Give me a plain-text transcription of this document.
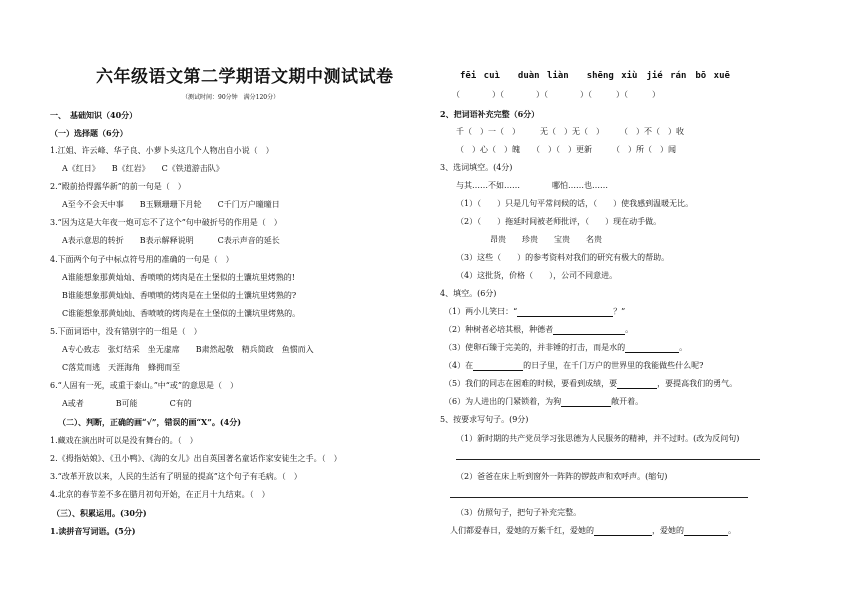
六年级语文第二学期语文期中测试试卷
（测试时间：90分钟　满分120分）
一、　基础知识（40分）
（一）选择题（6分）
1.江姐、许云峰、华子良、小萝卜头这几个人物出自小说（　）
A《红日》　　B《红岩》　　C《铁道游击队》
2.“殿前拾得露华新”的前一句是（　）
A至今不会天中事　　B玉颗珊珊下月轮　　C千门万户曈曈日
3.“因为这是大年夜一炮可忘不了这个”句中破折号的作用是（　）
A表示意思的转折　　B表示解释说明　　　C表示声音的延长
4.下面两个句子中标点符号用的准确的一句是（　）
A谁能想象那黄灿灿、香喷喷的烤肉是在土堡似的土馕坑里烤熟的!
B谁能想象那黄灿灿、香喷喷的烤肉是在土堡似的土馕坑里烤熟的?
C谁能想象那黄灿灿、香喷喷的烤肉是在土堡似的土馕坑里烤熟的。
5.下面词语中，没有错别字的一组是（　）
A专心致志　张灯结采　坐无虚席　　B肃然起敬　精兵简政　鱼惯而入
C落荒而逃　天涯海角　蜂拥而至
6.“人固有一死，或重于泰山。”中“或”的意思是（　）
A或者　　　　B可能　　　　C有的
（二）、判断，正确的画“√”，错误的画“X”。(4分)
1.藏戏在演出时可以是没有舞台的。（　）
2.《拇指姑娘》、《丑小鸭》、《海的女儿》出自英国著名童话作家安徒生之手。（　）
3.“改革开放以来，人民的生活有了明显的提高”这个句子有毛病。（　）
4.北京的春节差不多在腊月初旬开始，在正月十九结束。（　）
（三）、积累运用。(30分)
1.读拼音写词语。(5分)
fēi cuì　　duàn liàn　　shēng xiù　jié rán　bō xuē
（　　　　）（　　　　）（　　　　）（　　　）（　　　）
2、把词语补充完整（6分）
千（　）一（　）　　　无（　）无（　）　　　（　）不（　）收
（　）心（　）魄　　（　）（　）更新　　　（　）所（　）闻
3、选词填空。(4分)
与其……不如……　　　　哪怕……也……
（1）（　　）只是几句平常问候的话，（　　）使我感到温暖无比。
（2）（　　）拖延时间被老师批评，（　　）现在动手做。
昂贵　　珍贵　　宝贵　　名贵
（3）这些（　　）的参考资料对我们的研究有极大的帮助。
（4）这批货，价格（　　），公司不同意进。
4、填空。(6分)
（1）两小儿笑曰：“	？”
（2）种树者必培其根，种德者	。
（3）使卵石臻于完美的，并非锤的打击，而是水的	。
（4）在	的日子里，在千门万户的世界里的我能做些什么呢?
（5）我们的同志在困难的时候，要看到成绩，要	，要提高我们的勇气。
（6）为人进出的门紧锁着，为狗	敞开着。
5、按要求写句子。(9分)
（1）新时期的共产党员学习张思德为人民服务的精神，并不过时。(改为反问句)
（2）爸爸在床上听到窗外一阵阵的锣鼓声和欢呼声。(缩句)
（3）仿照句子，把句子补充完整。
人们都爱春日，爱她的万紫千红，爱她的	，爱她的	。
